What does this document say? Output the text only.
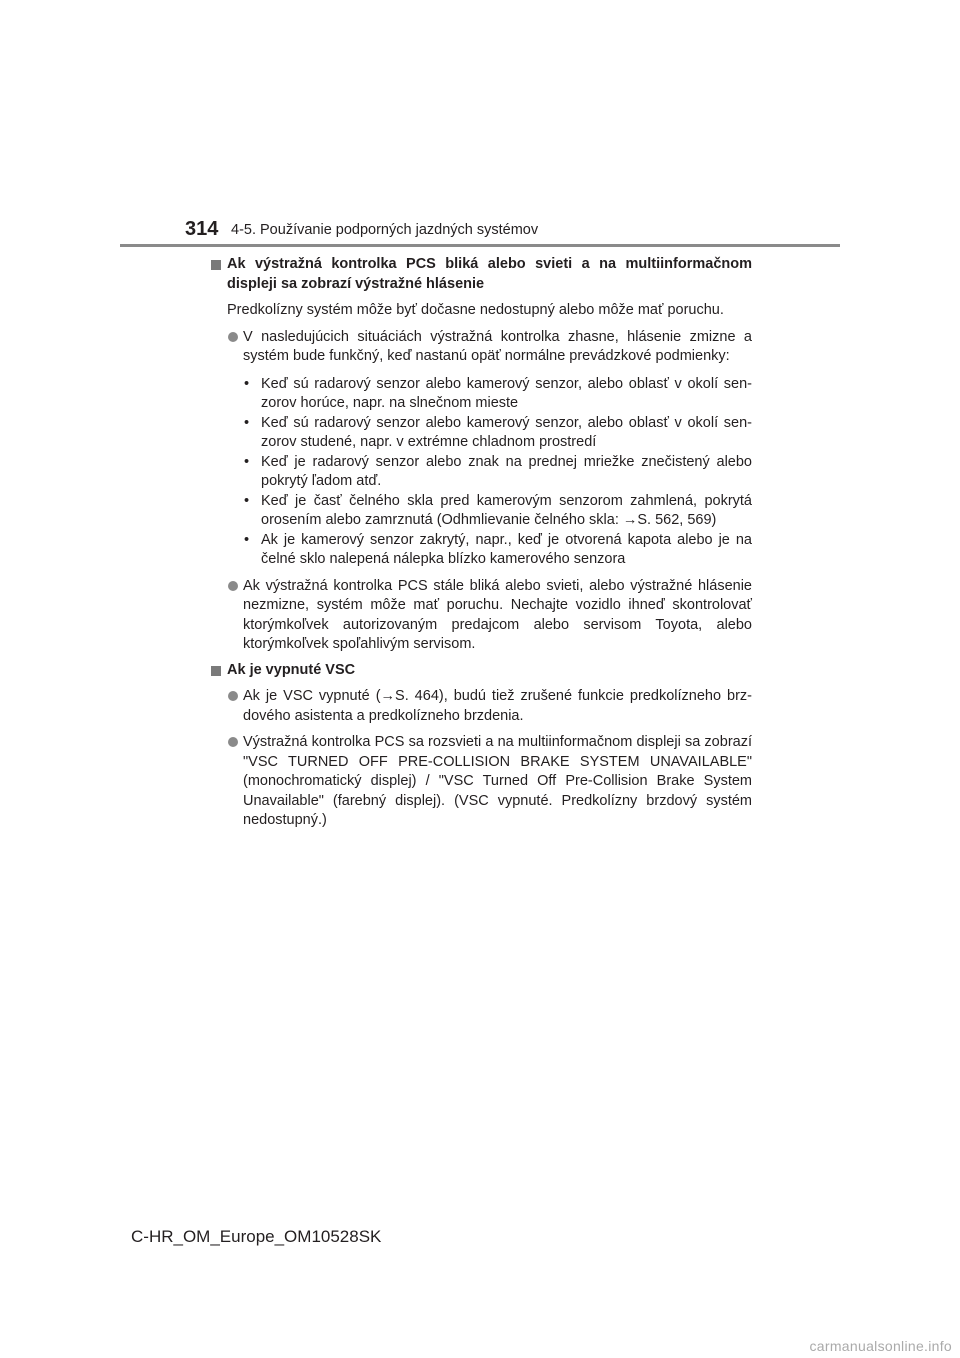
314 4-5. Používanie podporných jazdných systémov
Ak výstražná kontrolka PCS bliká alebo svieti a na multiinformačnom displeji sa zobrazí výstražné hlásenie
Predkolízny systém môže byť dočasne nedostupný alebo môže mať poruchu.
V nasledujúcich situáciách výstražná kontrolka zhasne, hlásenie zmizne a systém bude funkčný, keď nastanú opäť normálne prevádzkové podmienky:
• Keď sú radarový senzor alebo kamerový senzor, alebo oblasť v okolí senzorov horúce, napr. na slnečnom mieste
• Keď sú radarový senzor alebo kamerový senzor, alebo oblasť v okolí senzorov studené, napr. v extrémne chladnom prostredí
• Keď je radarový senzor alebo znak na prednej mriežke znečistený alebo pokrytý ľadom atď.
• Keď je časť čelného skla pred kamerovým senzorom zahmlená, pokrytá orosením alebo zamrznutá (Odhmlievanie čelného skla: →S. 562, 569)
• Ak je kamerový senzor zakrytý, napr., keď je otvorená kapota alebo je na čelné sklo nalepená nálepka blízko kamerového senzora
Ak výstražná kontrolka PCS stále bliká alebo svieti, alebo výstražné hlásenie nezmizne, systém môže mať poruchu. Nechajte vozidlo ihneď skontrolovať ktorýmkoľvek autorizovaným predajcom alebo servisom Toyota, alebo ktorýmkoľvek spoľahlivým servisom.
Ak je vypnuté VSC
Ak je VSC vypnuté (→S. 464), budú tiež zrušené funkcie predkolízneho brzdového asistenta a predkolízneho brzdenia.
Výstražná kontrolka PCS sa rozsvieti a na multiinformačnom displeji sa zobrazí "VSC TURNED OFF PRE-COLLISION BRAKE SYSTEM UNAVAILABLE" (monochromatický displej) / "VSC Turned Off Pre-Collision Brake System Unavailable" (farebný displej). (VSC vypnuté. Predkolízny brzdový systém nedostupný.)
C-HR_OM_Europe_OM10528SK
carmanualsonline.info
